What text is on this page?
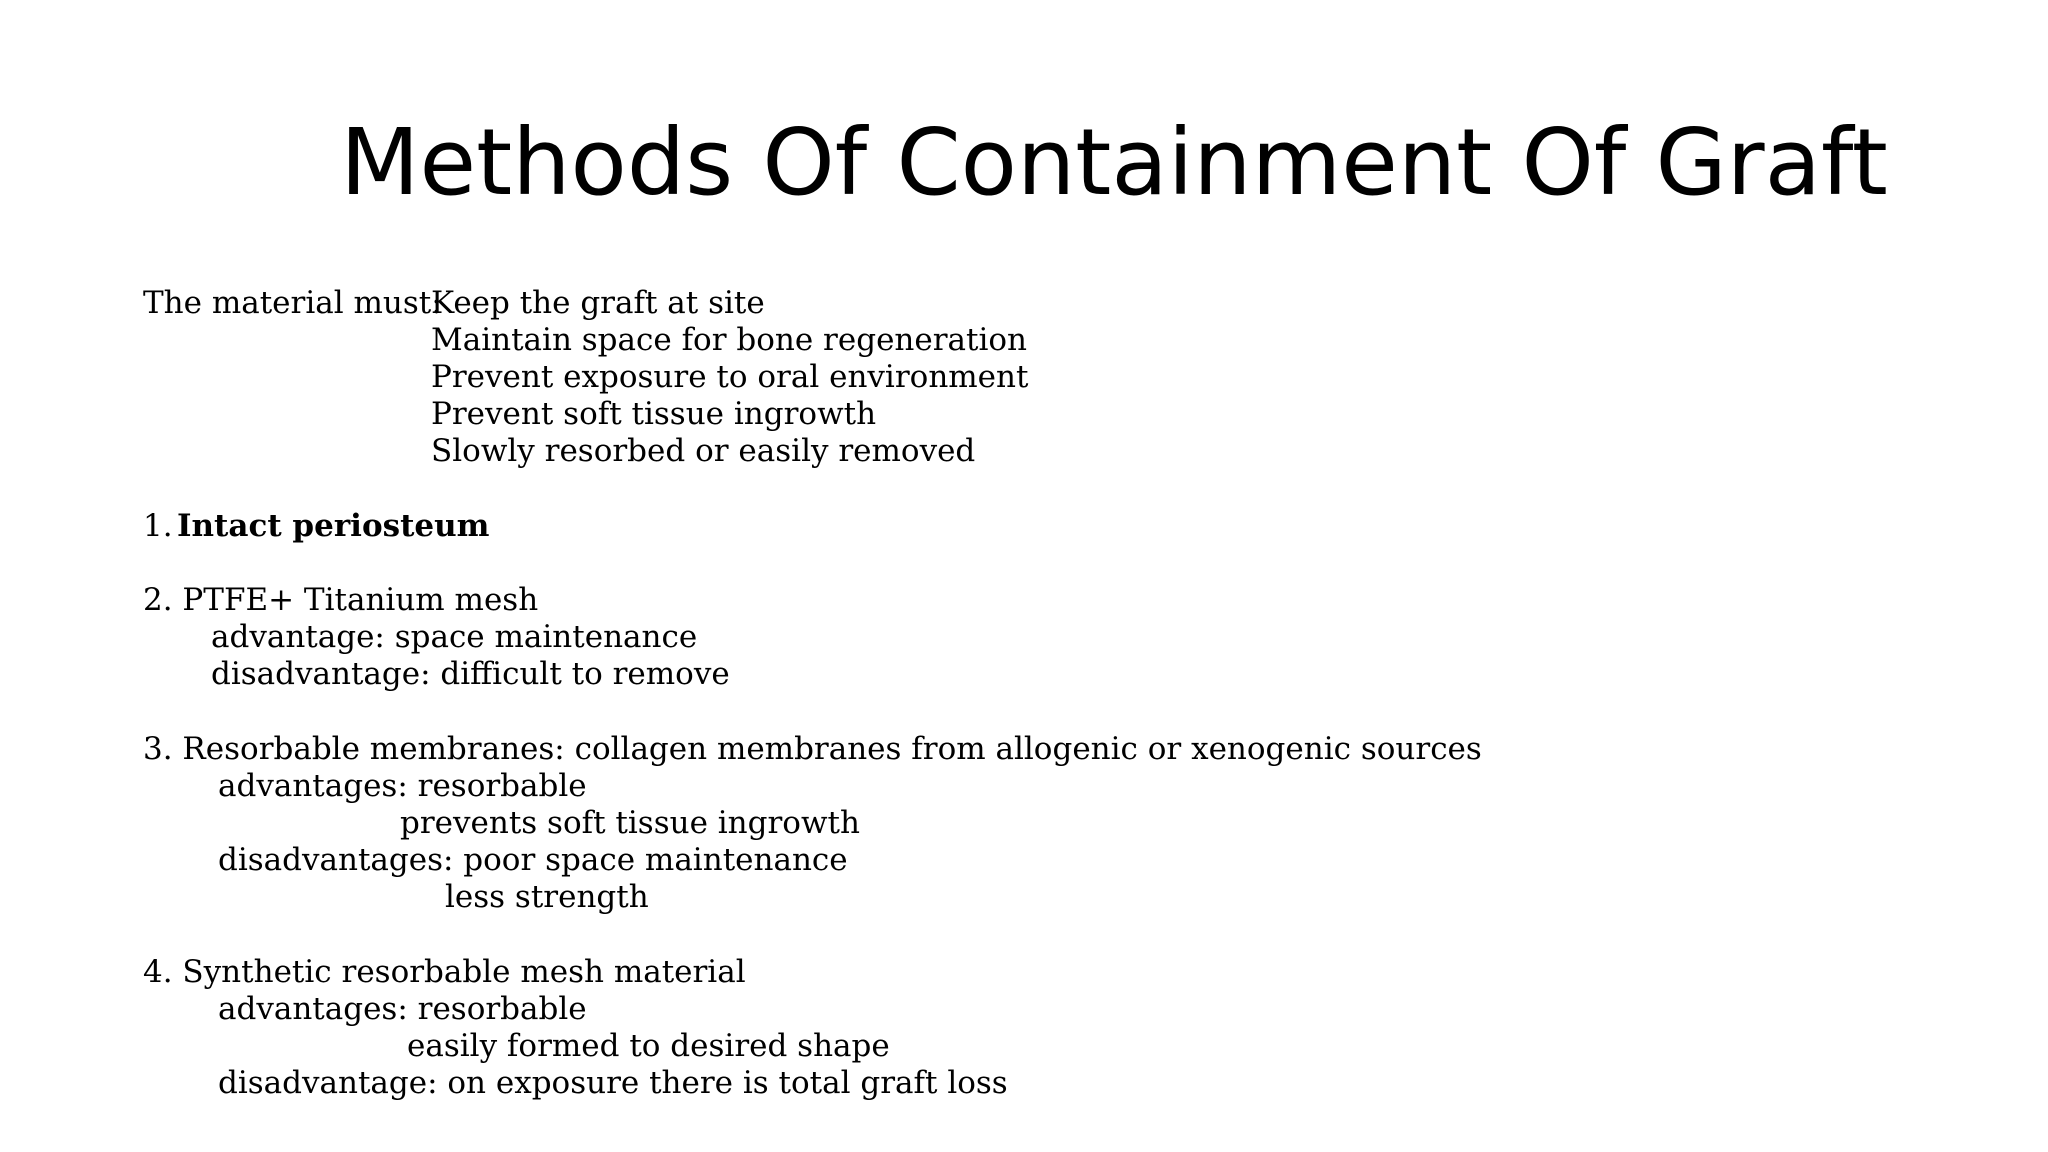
Methods Of Containment Of Graft
The material must:
Keep the graft at site
Maintain space for bone regeneration
Prevent exposure to oral environment
Prevent soft tissue ingrowth
Slowly resorbed or easily removed
1. Intact periosteum
2. PTFE+ Titanium mesh
advantage: space maintenance
disadvantage: difficult to remove
3. Resorbable membranes: collagen membranes from allogenic or xenogenic sources
advantages: resorbable
prevents soft tissue ingrowth
disadvantages: poor space maintenance
less strength
4. Synthetic resorbable mesh material
advantages: resorbable
easily formed to desired shape
disadvantage: on exposure there is total graft loss
